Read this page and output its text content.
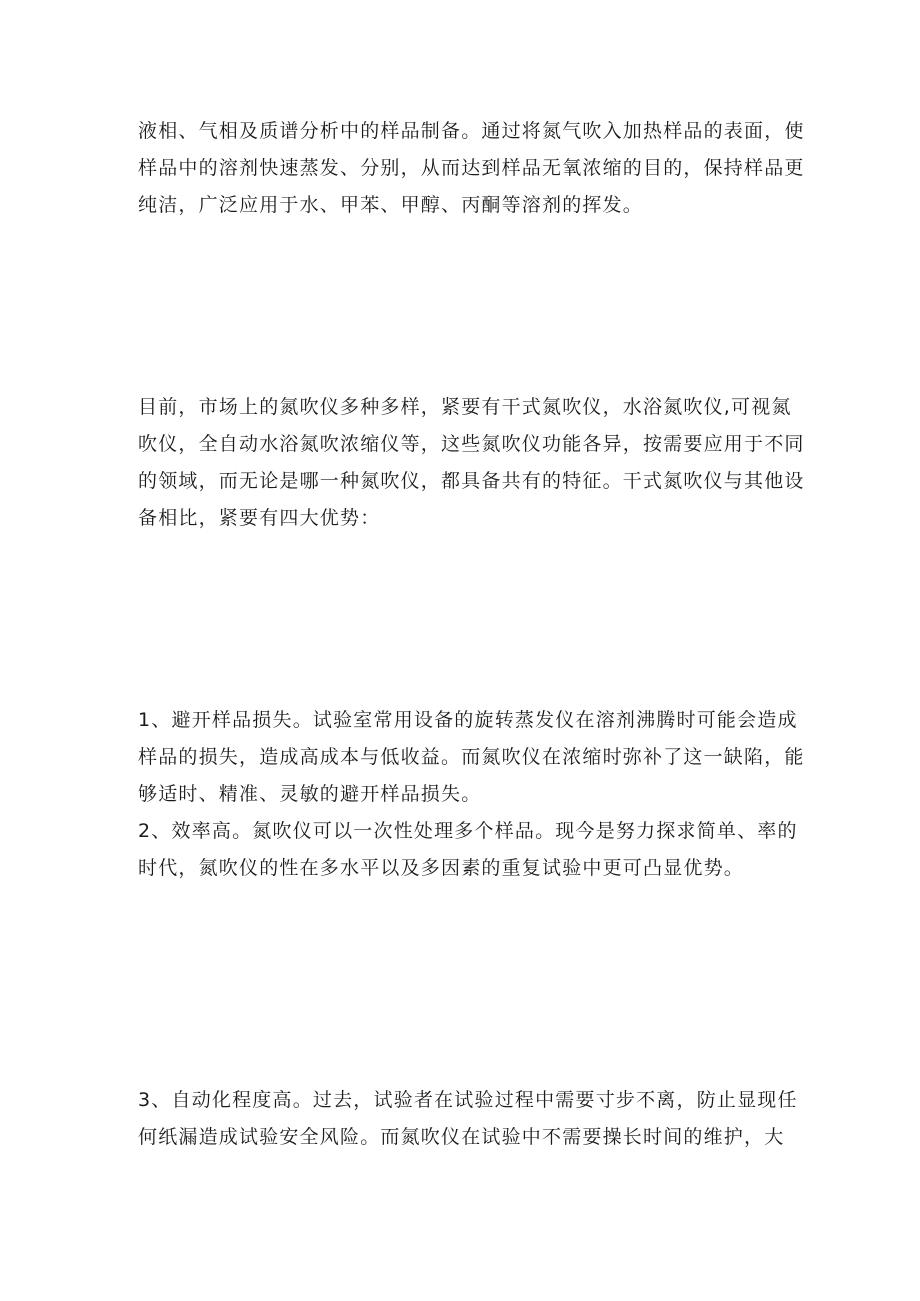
液相、气相及质谱分析中的样品制备。通过将氮气吹入加热样品的表面，使
样品中的溶剂快速蒸发、分别，从而达到样品无氧浓缩的目的，保持样品更
纯洁，广泛应用于水、甲苯、甲醇、丙酮等溶剂的挥发。
目前，市场上的氮吹仪多种多样，紧要有干式氮吹仪，水浴氮吹仪,可视氮
吹仪，全自动水浴氮吹浓缩仪等，这些氮吹仪功能各异，按需要应用于不同
的领域，而无论是哪一种氮吹仪，都具备共有的特征。干式氮吹仪与其他设
备相比，紧要有四大优势：
1、避开样品损失。试验室常用设备的旋转蒸发仪在溶剂沸腾时可能会造成
样品的损失，造成高成本与低收益。而氮吹仪在浓缩时弥补了这一缺陷，能
够适时、精准、灵敏的避开样品损失。
2、效率高。氮吹仪可以一次性处理多个样品。现今是努力探求简单、率的
时代，氮吹仪的性在多水平以及多因素的重复试验中更可凸显优势。
3、自动化程度高。过去，试验者在试验过程中需要寸步不离，防止显现任
何纸漏造成试验安全风险。而氮吹仪在试验中不需要操长时间的维护，大
